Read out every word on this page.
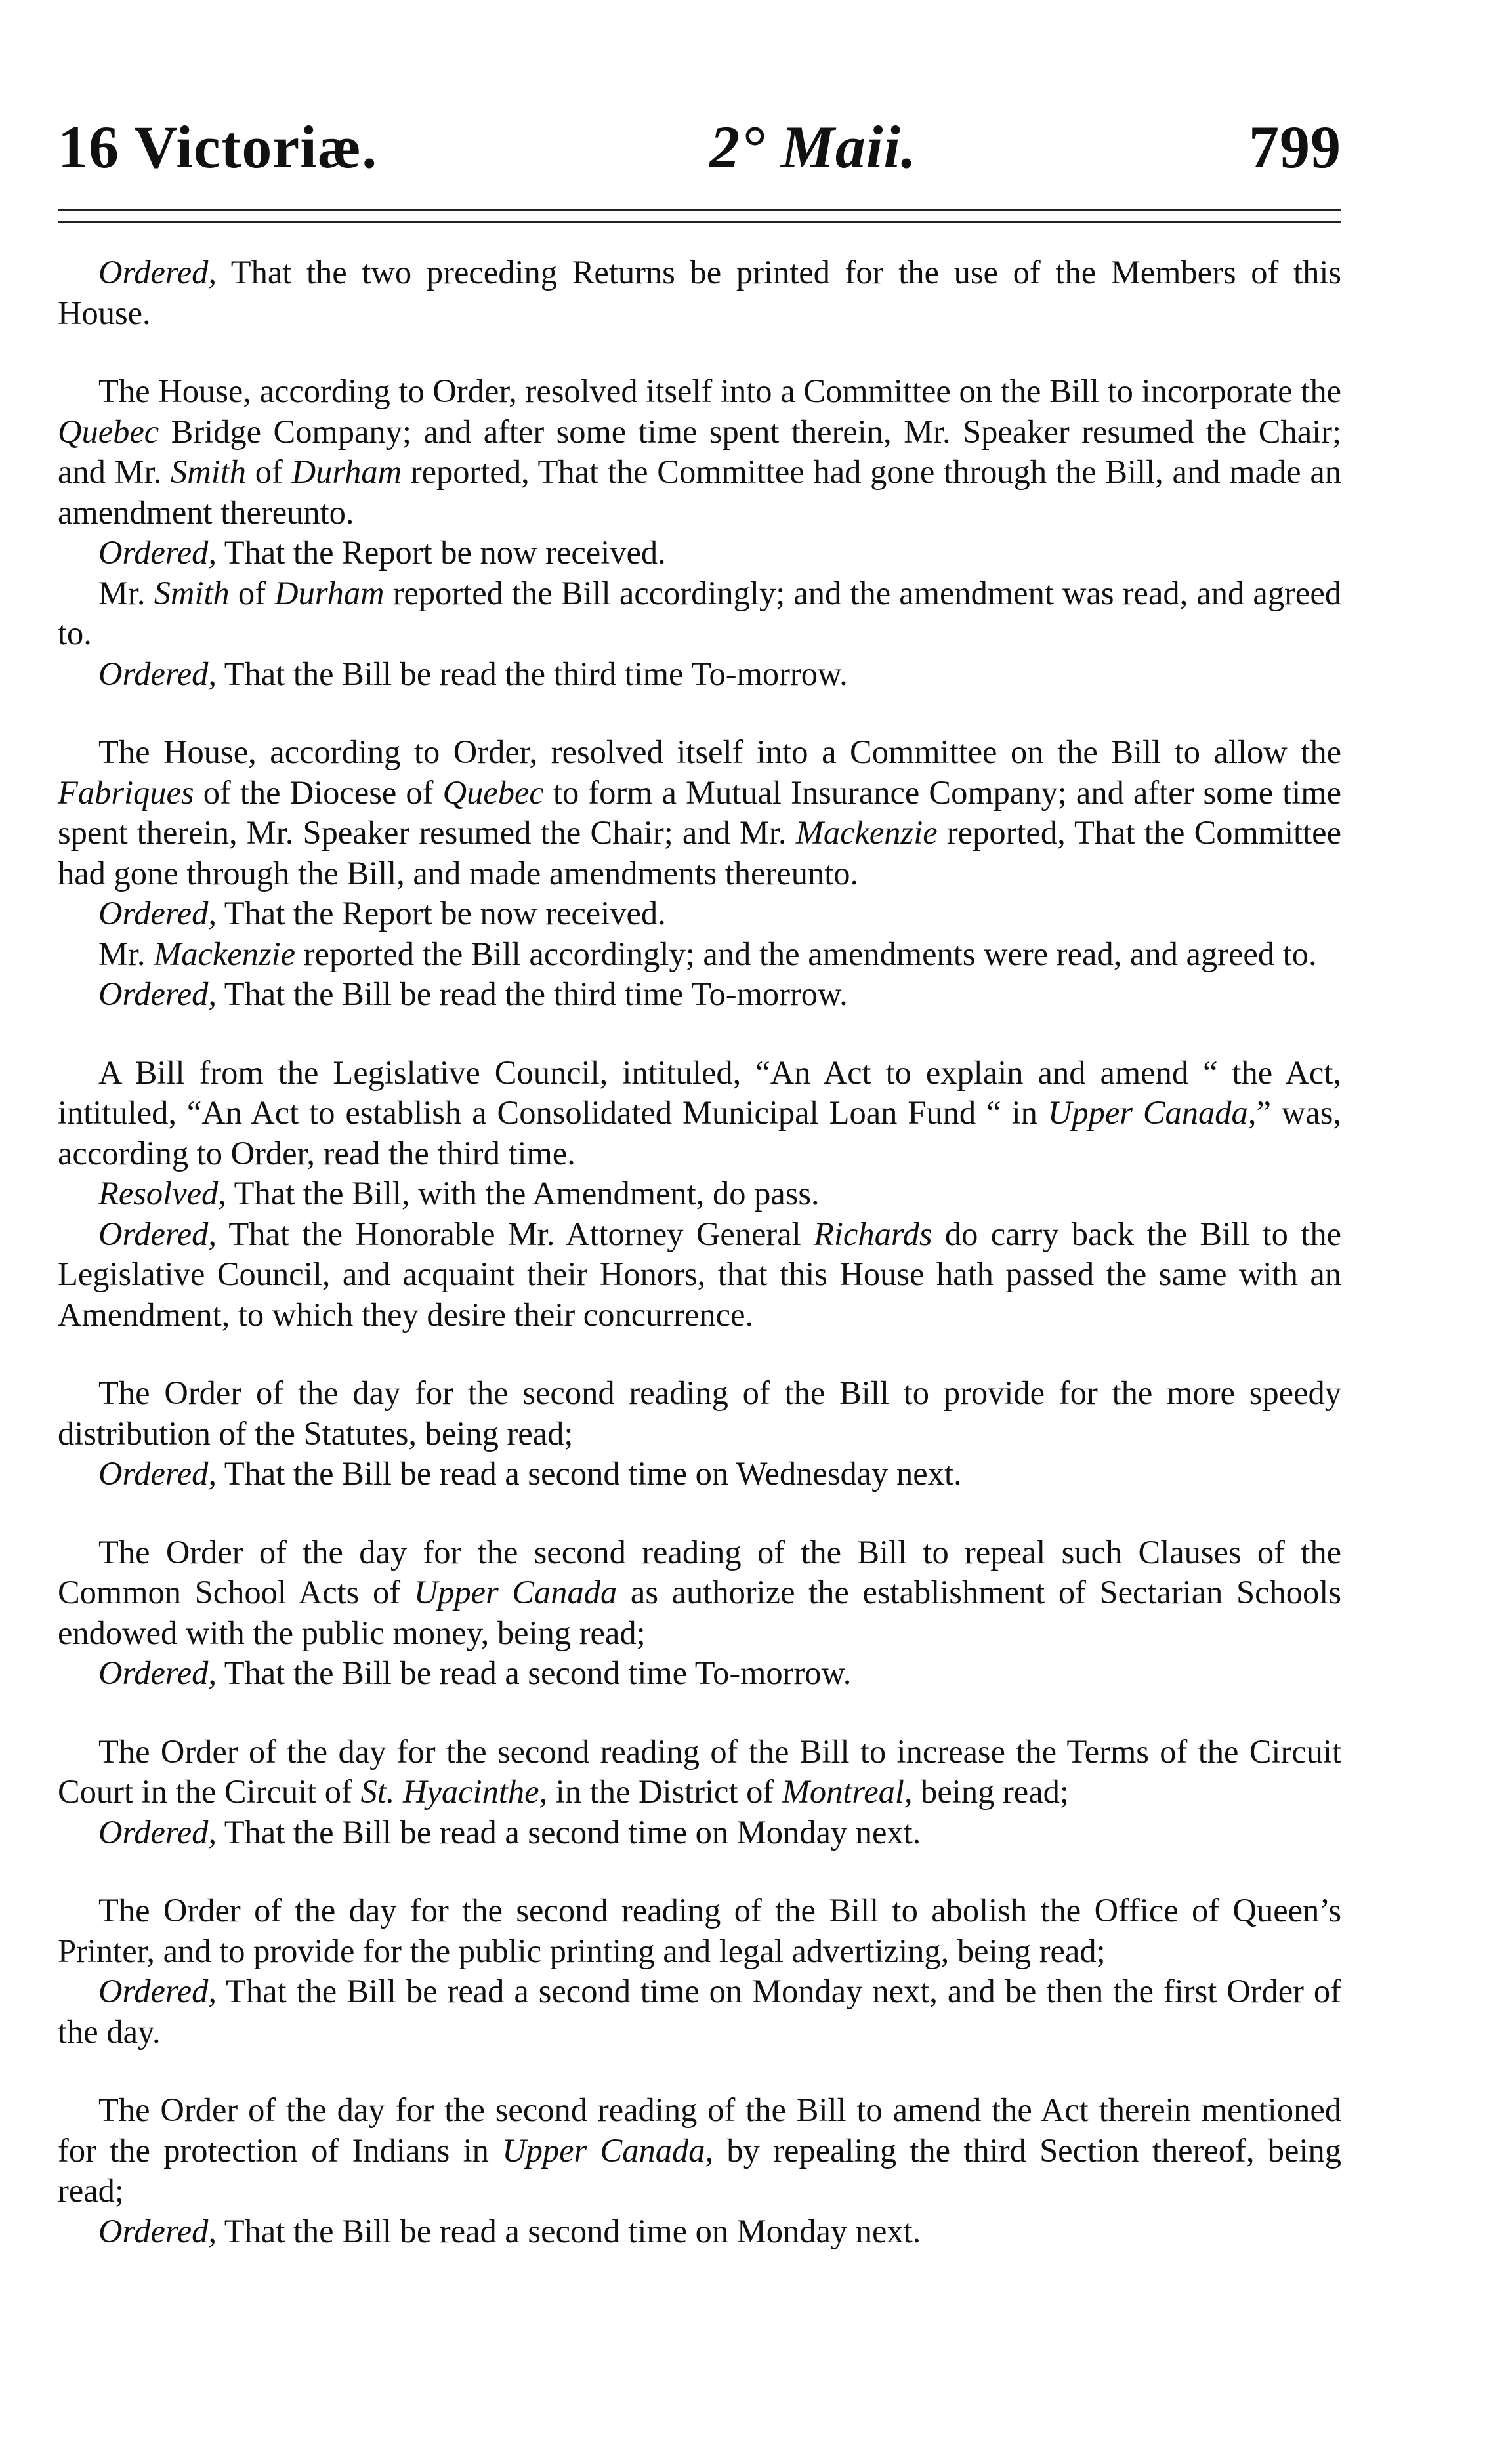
16 Victoriæ.	2° Maii.	799

Ordered, That the two preceding Returns be printed for the use of the Members of this House.

The House, according to Order, resolved itself into a Committee on the Bill to incorporate the Quebec Bridge Company; and after some time spent therein, Mr. Speaker resumed the Chair; and Mr. Smith of Durham reported, That the Committee had gone through the Bill, and made an amendment thereunto.

Ordered, That the Report be now received.

Mr. Smith of Durham reported the Bill accordingly; and the amendment was read, and agreed to.

Ordered, That the Bill be read the third time To-morrow.

The House, according to Order, resolved itself into a Committee on the Bill to allow the Fabriques of the Diocese of Quebec to form a Mutual Insurance Company; and after some time spent therein, Mr. Speaker resumed the Chair; and Mr. Mackenzie reported, That the Committee had gone through the Bill, and made amendments thereunto.

Ordered, That the Report be now received.

Mr. Mackenzie reported the Bill accordingly; and the amendments were read, and agreed to.

Ordered, That the Bill be read the third time To-morrow.

A Bill from the Legislative Council, intituled, “An Act to explain and amend “ the Act, intituled, “An Act to establish a Consolidated Municipal Loan Fund “ in Upper Canada,” was, according to Order, read the third time.

Resolved, That the Bill, with the Amendment, do pass.

Ordered, That the Honorable Mr. Attorney General Richards do carry back the Bill to the Legislative Council, and acquaint their Honors, that this House hath passed the same with an Amendment, to which they desire their concurrence.

The Order of the day for the second reading of the Bill to provide for the more speedy distribution of the Statutes, being read;

Ordered, That the Bill be read a second time on Wednesday next.

The Order of the day for the second reading of the Bill to repeal such Clauses of the Common School Acts of Upper Canada as authorize the establishment of Sectarian Schools endowed with the public money, being read;

Ordered, That the Bill be read a second time To-morrow.

The Order of the day for the second reading of the Bill to increase the Terms of the Circuit Court in the Circuit of St. Hyacinthe, in the District of Montreal, being read;

Ordered, That the Bill be read a second time on Monday next.

The Order of the day for the second reading of the Bill to abolish the Office of Queen’s Printer, and to provide for the public printing and legal advertizing, being read;

Ordered, That the Bill be read a second time on Monday next, and be then the first Order of the day.

The Order of the day for the second reading of the Bill to amend the Act therein mentioned for the protection of Indians in Upper Canada, by repealing the third Section thereof, being read;

Ordered, That the Bill be read a second time on Monday next.
